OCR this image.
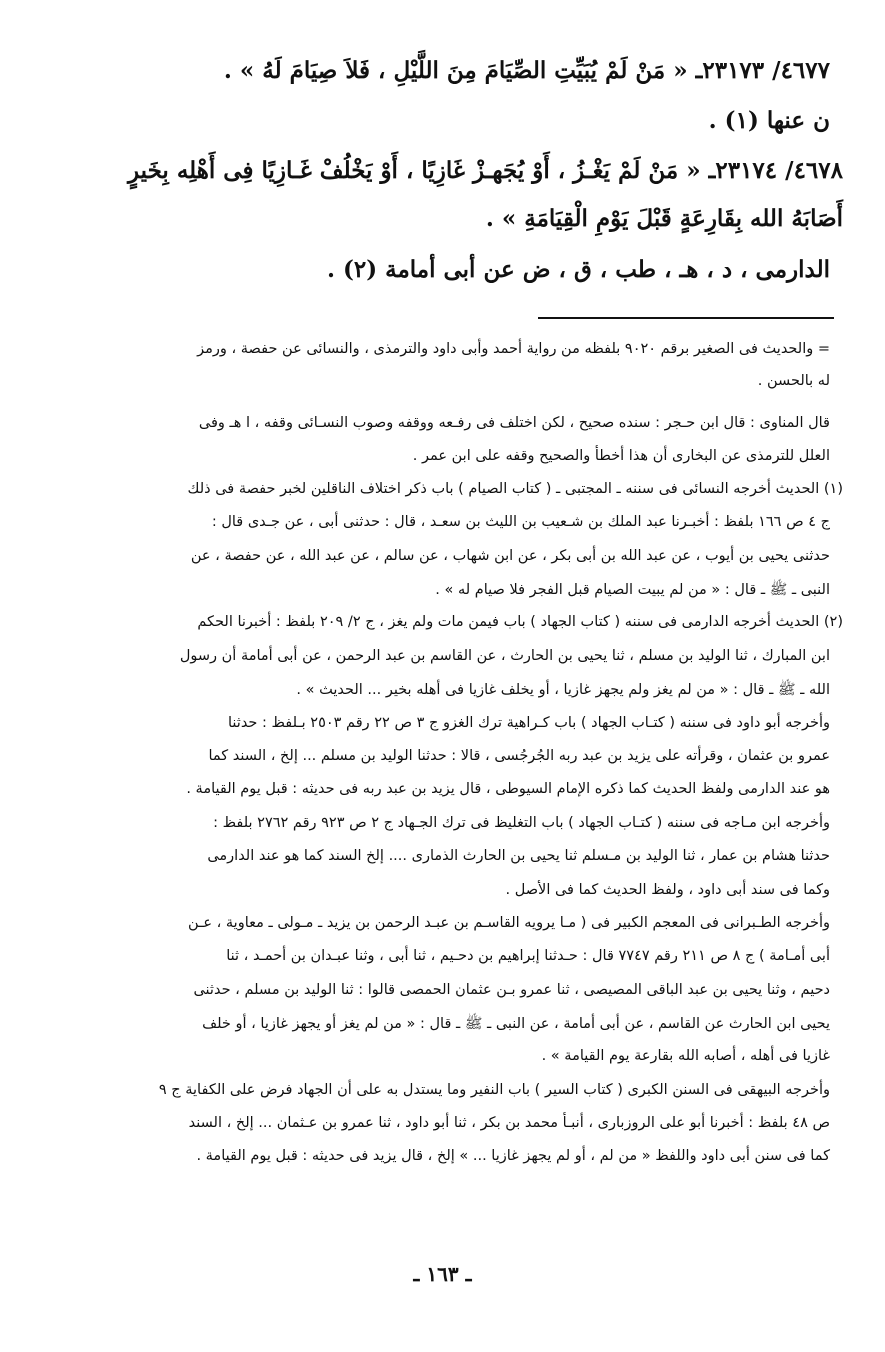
٤٦٧٧/ ٢٣١٧٣ـ « مَنْ لَمْ يُبَيِّتِ الصِّيَامَ مِنَ اللَّيْلِ ، فَلاَ صِيَامَ لَهُ » .
ن عنها (١) .
٤٦٧٨/ ٢٣١٧٤ـ « مَنْ لَمْ يَغْـزُ ، أَوْ يُجَهـزْ غَازِيًا ، أَوْ يَخْلُفْ غَـازِيًا فِى أَهْلِه بِخَيرٍ
أَصَابَهُ الله بِقَارِعَةٍ قَبْلَ يَوْمِ الْقِيَامَةِ » .
الدارمى ، د ، هـ ، طب ، ق ، ض عن أبى أمامة (٢) .
= والحديث فى الصغير برقم ٩٠٢٠ بلفظه من رواية أحمد وأبى داود والترمذى ، والنسائى عن حفصة ، ورمز
له بالحسن .
قال المناوى : قال ابن حـجر : سنده صحيح ، لكن اختلف فى رفـعه ووقفه وصوب النسـائى وقفه ، ا هـ وفى
العلل للترمذى عن البخارى أن هذا أخطأ والصحيح وقفه على ابن عمر .
(١) الحديث أخرجه النسائى فى سننه ـ المجتبى ـ ( كتاب الصيام ) باب ذكر اختلاف الناقلين لخبر حفصة فى ذلك
ج ٤ ص ١٦٦ بلفظ : أخبـرنا عبد الملك بن شـعيب بن الليث بن سعـد ، قال : حدثنى أبى ، عن جـدى قال :
حدثنى يحيى بن أيوب ، عن عبد الله بن أبى بكر ، عن ابن شهاب ، عن سالم ، عن عبد الله ، عن حفصة ، عن
النبى ـ ﷺ ـ قال : « من لم يبيت الصيام قبل الفجر فلا صيام له » .
(٢) الحديث أخرجه الدارمى فى سننه ( كتاب الجهاد ) باب فيمن مات ولم يغز ، ج ٢/ ٢٠٩ بلفظ : أخبرنا الحكم
ابن المبارك ، ثنا الوليد بن مسلم ، ثنا يحيى بن الحارث ، عن القاسم بن عبد الرحمن ، عن أبى أمامة أن رسول
الله ـ ﷺ ـ قال : « من لم يغز ولم يجهز غازيا ، أو يخلف غازيا فى أهله بخير ... الحديث » .
وأخرجه أبو داود فى سننه ( كتـاب الجهاد ) باب كـراهية ترك الغزو ج ٣ ص ٢٢ رقم ٢٥٠٣ بـلفظ : حدثنا
عمرو بن عثمان ، وقرأته على يزيد بن عبد ربه الجُرجُسى ، قالا : حدثنا الوليد بن مسلم ... إلخ ، السند كما
هو عند الدارمى ولفظ الحديث كما ذكره الإمام السيوطى ، قال يزيد بن عبد ربه فى حديثه : قبل يوم القيامة .
وأخرجه ابن مـاجه فى سننه ( كتـاب الجهاد ) باب التغليظ فى ترك الجـهاد ج ٢ ص ٩٢٣ رقم ٢٧٦٢ بلفظ :
حدثنا هشام بن عمار ، ثنا الوليد بن مـسلم ثنا يحيى بن الحارث الذمارى .... إلخ السند كما هو عند الدارمى
وكما فى سند أبى داود ، ولفظ الحديث كما فى الأصل .
وأخرجه الطـبرانى فى المعجم الكبير فى ( مـا يرويه القاسـم بن عبـد الرحمن بن يزيد ـ مـولى ـ معاوية ، عـن
أبى أمـامة ) ج ٨ ص ٢١١ رقم ٧٧٤٧ قال : حـدثنا إبراهيم بن دحـيم ، ثنا أبى ، وثنا عبـدان بن أحمـد ، ثنا
دحيم ، وثنا يحيى بن عبد الباقى المصيصى ، ثنا عمرو بـن عثمان الحمصى قالوا : ثنا الوليد بن مسلم ، حدثنى
يحيى ابن الحارث عن القاسم ، عن أبى أمامة ، عن النبى ـ ﷺ ـ قال : « من لم يغز أو يجهز غازيا ، أو خلف
غازيا فى أهله ، أصابه الله بقارعة يوم القيامة » .
وأخرجه البيهقى فى السنن الكبرى ( كتاب السير ) باب النفير وما يستدل به على أن الجهاد فرض على الكفاية ج ٩
ص ٤٨ بلفظ : أخبرنا أبو على الروزبارى ، أنبـأ محمد بن بكر ، ثنا أبو داود ، ثنا عمرو بن عـثمان ... إلخ ، السند
كما فى سنن أبى داود واللفظ « من لم ، أو لم يجهز غازيا ... » إلخ ، قال يزيد فى حديثه : قبل يوم القيامة .
ـ ١٦٣ ـ
